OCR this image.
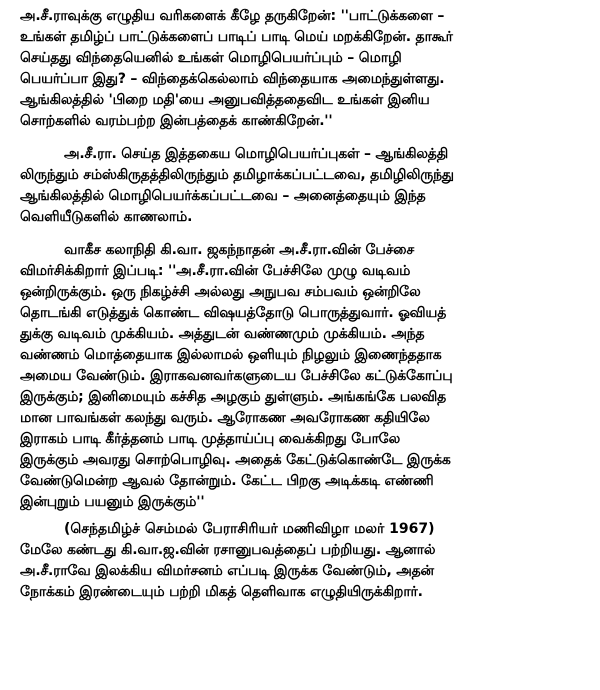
அ.சீ.ராவுக்கு எழுதிய வரிகளைக் கீழே தருகிறேன்: ''பாட்டுக்களை –
உங்கள் தமிழ்ப் பாட்டுக்களைப் பாடிப் பாடி மெய் மறக்கிறேன். தாகூர்
செய்தது விந்தையெனில் உங்கள் மொழிபெயர்ப்பும் – மொழி
பெயர்ப்பா இது? – விந்தைக்கெல்லாம் விந்தையாக அமைந்துள்ளது.
ஆங்கிலத்தில் 'பிறை மதி'யை அனுபவித்ததைவிட உங்கள் இனிய
சொற்களில் வரம்பற்ற இன்பத்தைக் காண்கிறேன்.''
அ.சீ.ரா. செய்த இத்தகைய மொழிபெயர்ப்புகள் – ஆங்கிலத்தி
லிருந்தும் சம்ஸ்கிருதத்திலிருந்தும் தமிழாக்கப்பட்டவை, தமிழிலிருந்து
ஆங்கிலத்தில் மொழிபெயர்க்கப்பட்டவை – அனைத்தையும் இந்த
வெளியீடுகளில் காணலாம்.
வாகீச கலாநிதி கி.வா. ஜகந்நாதன் அ.சீ.ரா.வின் பேச்சை
விமர்சிக்கிறார் இப்படி: ''அ.சீ.ரா.வின் பேச்சிலே முழு வடிவம்
ஒன்றிருக்கும். ஒரு நிகழ்ச்சி அல்லது அநுபவ சம்பவம் ஒன்றிலே
தொடங்கி எடுத்துக் கொண்ட விஷயத்தோடு பொருத்துவார். ஓவியத்
துக்கு வடிவம் முக்கியம். அத்துடன் வண்ணமும் முக்கியம். அந்த
வண்ணம் மொத்தையாக இல்லாமல் ஒளியும் நிழலும் இணைந்ததாக
அமைய வேண்டும். இராகவனவர்களுடைய பேச்சிலே கட்டுக்கோப்பு
இருக்கும்; இனிமையும் கச்சித அழகும் துள்ளும். அங்கங்கே பலவித
மான பாவங்கள் கலந்து வரும். ஆரோகண அவரோகண கதியிலே
இராகம் பாடி கீர்த்தனம் பாடி முத்தாய்ப்பு வைக்கிறது போலே
இருக்கும் அவரது சொற்பொழிவு. அதைக் கேட்டுக்கொண்டே இருக்க
வேண்டுமென்ற ஆவல் தோன்றும். கேட்ட பிறகு அடிக்கடி எண்ணி
இன்புறும் பயனும் இருக்கும்''
(செந்தமிழ்ச் செம்மல் பேராசிரியர் மணிவிழா மலர் 1967)
மேலே கண்டது கி.வா.ஜ.வின் ரசானுபவத்தைப் பற்றியது. ஆனால்
அ.சீ.ராவே இலக்கிய விமர்சனம் எப்படி இருக்க வேண்டும், அதன்
நோக்கம் இரண்டையும் பற்றி மிகத் தெளிவாக எழுதியிருக்கிறார்.
